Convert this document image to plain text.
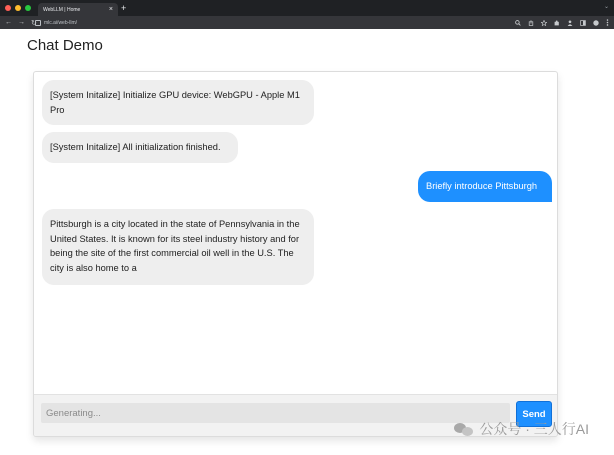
WebLLM | Home	× +	⌄
← → ↻ mlc.ai/web-llm/
Chat Demo
[System Initalize] Initialize GPU device: WebGPU - Apple M1 Pro
[System Initalize] All initialization finished.
Briefly introduce Pittsburgh
Pittsburgh is a city located in the state of Pennsylvania in the United States. It is known for its steel industry history and for being the site of the first commercial oil well in the U.S. The city is also home to a
Generating...
Send
公众号 · 三人行AI
